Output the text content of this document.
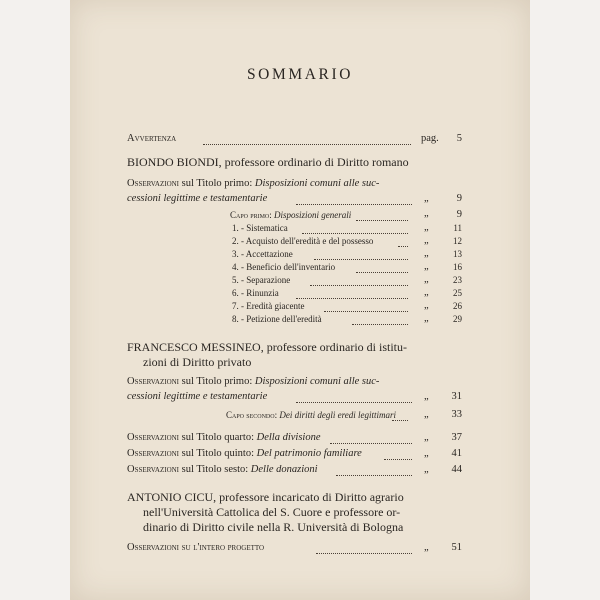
SOMMARIO
Avvertenza	pag.	5
BIONDO BIONDI, professore ordinario di Diritto romano
Osservazioni sul Titolo primo: Disposizioni comuni alle suc-
cessioni legittime e testamentarie	„	9
Capo primo: Disposizioni generali	„	9
1. - Sistematica	„	11
2. - Acquisto dell'eredità e del possesso	„	12
3. - Accettazione	„	13
4. - Beneficio dell'inventario	„	16
5. - Separazione	„	23
6. - Rinunzia	„	25
7. - Eredità giacente	„	26
8. - Petizione dell'eredità	„	29
FRANCESCO MESSINEO, professore ordinario di istitu-
zioni di Diritto privato
Osservazioni sul Titolo primo: Disposizioni comuni alle suc-
cessioni legittime e testamentarie	„	31
Capo secondo: Dei diritti degli eredi legittimari	„	33
Osservazioni sul Titolo quarto: Della divisione	„	37
Osservazioni sul Titolo quinto: Del patrimonio familiare	„	41
Osservazioni sul Titolo sesto: Delle donazioni	„	44
ANTONIO CICU, professore incaricato di Diritto agrario
nell'Università Cattolica del S. Cuore e professore or-
dinario di Diritto civile nella R. Università di Bologna
Osservazioni su l'intero progetto	„	51
